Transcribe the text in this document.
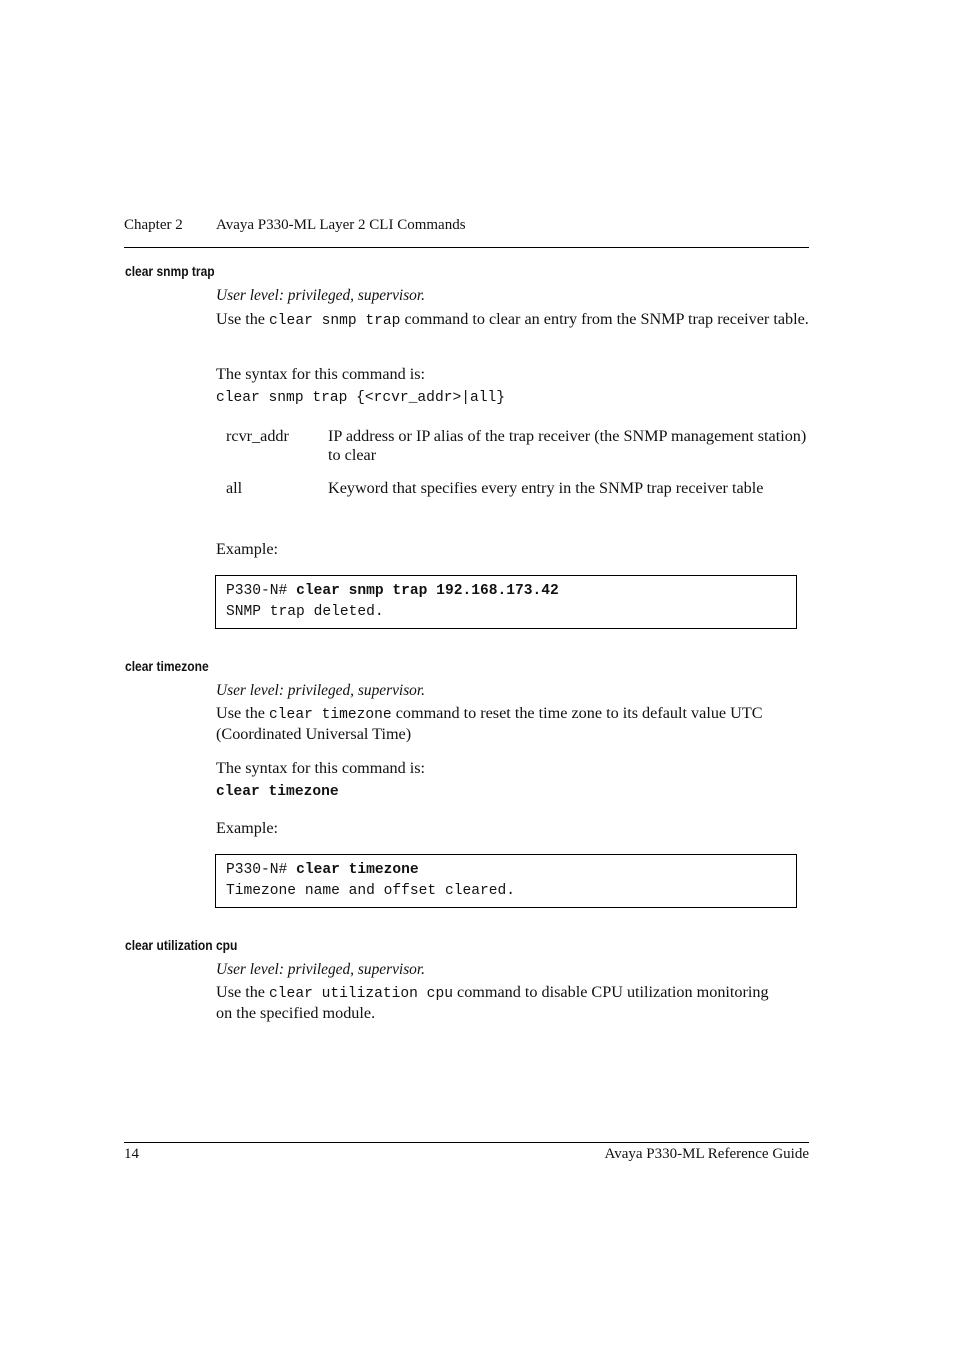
Chapter 2 Avaya P330-ML Layer 2 CLI Commands
clear snmp trap

User level: privileged, supervisor.

Use the clear snmp trap command to clear an entry from the SNMP trap receiver table.

The syntax for this command is:

clear snmp trap {<rcvr_addr>|all}
rcvr_addr IP address or IP alias of the trap receiver (the SNMP management station) to clear
all	Keyword that specifies every entry in the SNMP trap receiver table

Example:

P330-N# clear snmp trap 192.168.173.42
SNMP trap deleted.
clear timezone

User level: privileged, supervisor.

Use the clear timezone command to reset the time zone to its default value UTC (Coordinated Universal Time)

The syntax for this command is:

clear timezone

Example:

P330-N# clear timezone
Timezone name and offset cleared.
clear utilization cpu

User level: privileged, supervisor.

Use the clear utilization cpu command to disable CPU utilization monitoring on the specified module.

14	Avaya P330-ML Reference Guide
